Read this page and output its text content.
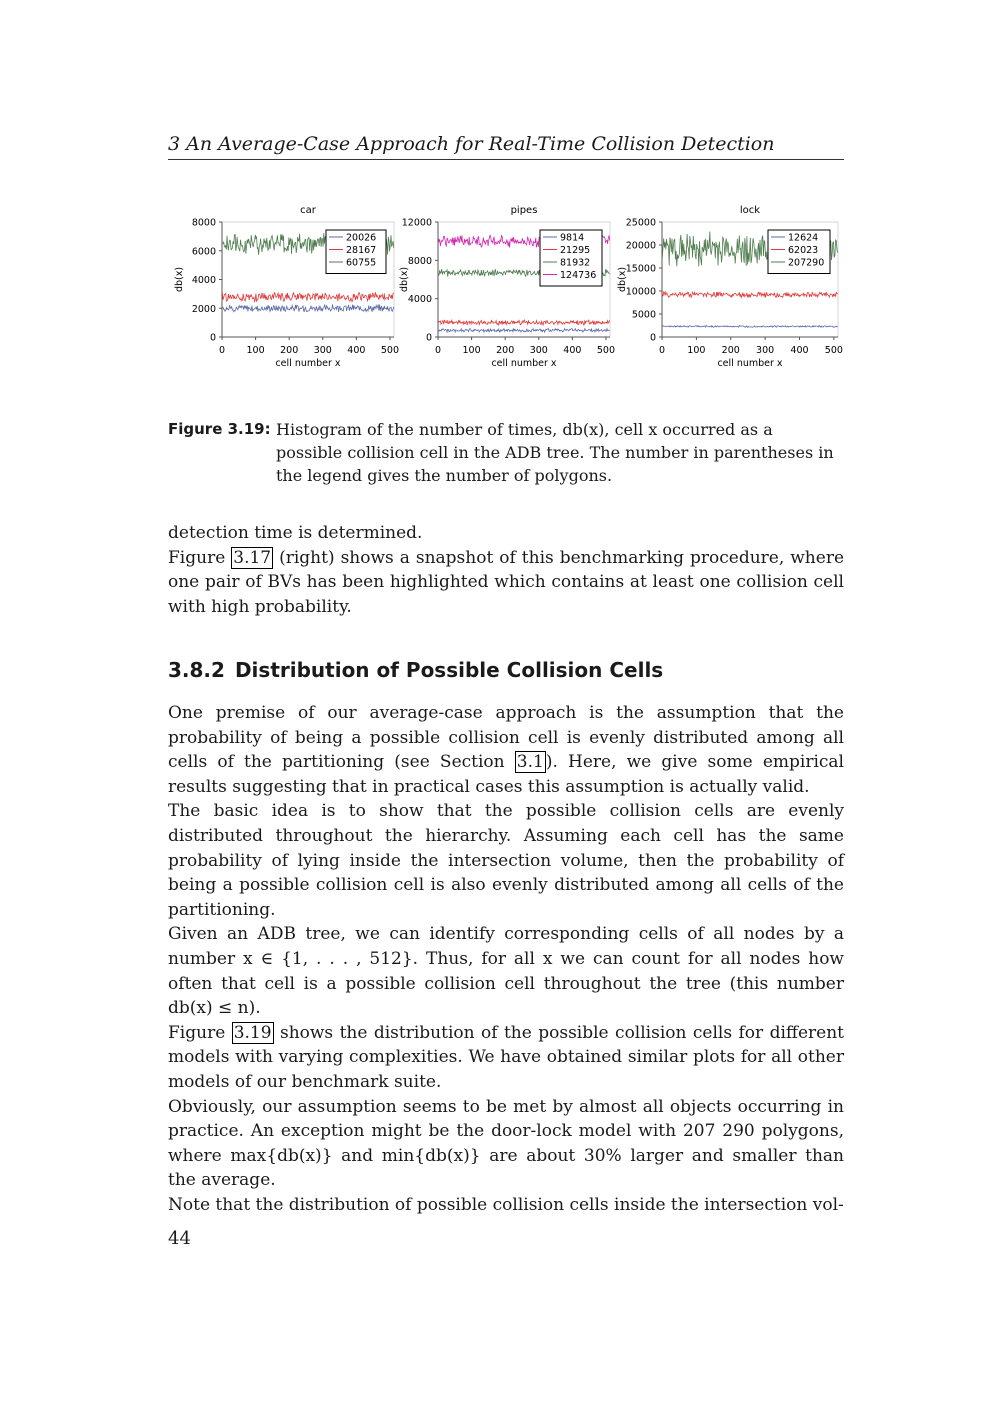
3 An Average-Case Approach for Real-Time Collision Detection
car
0
2000
4000
6000
8000
0 100 200 300 400 500
cell number x
db(x)
20026
28167
60755
pipes
0
4000
8000
12000
0 100 200 300 400 500
cell number x
db(x)
9814
21295
81932
124736
lock
0
5000
10000
15000
20000
25000
0 100 200 300 400 500
cell number x
db(x)
12624
62023
207290
Figure 3.19: Histogram of the number of times, db(x), cell x occurred as a possible collision cell in the ADB tree. The number in parentheses in the legend gives the number of polygons.

detection time is determined.

Figure 3.17 (right) shows a snapshot of this benchmarking procedure, where one pair of BVs has been highlighted which contains at least one collision cell with high probability.

3.8.2 Distribution of Possible Collision Cells

One premise of our average-case approach is the assumption that the probability of being a possible collision cell is evenly distributed among all cells of the partitioning (see Section 3.1 ). Here, we give some empirical results suggesting that in practical cases this assumption is actually valid.

The basic idea is to show that the possible collision cells are evenly distributed throughout the hierarchy. Assuming each cell has the same probability of lying inside the intersection volume, then the probability of being a possible collision cell is also evenly distributed among all cells of the partitioning.

Given an ADB tree, we can identify corresponding cells of all nodes by a number x ∈ {1, . . . , 512}. Thus, for all x we can count for all nodes how often that cell is a possible collision cell throughout the tree (this number db(x) ≤ n).

Figure 3.19 shows the distribution of the possible collision cells for different models with varying complexities. We have obtained similar plots for all other models of our benchmark suite.

Obviously, our assumption seems to be met by almost all objects occurring in practice. An exception might be the door-lock model with 207 290 polygons, where max{db(x)} and min{db(x)} are about 30% larger and smaller than the average.

Note that the distribution of possible collision cells inside the intersection vol-

44
